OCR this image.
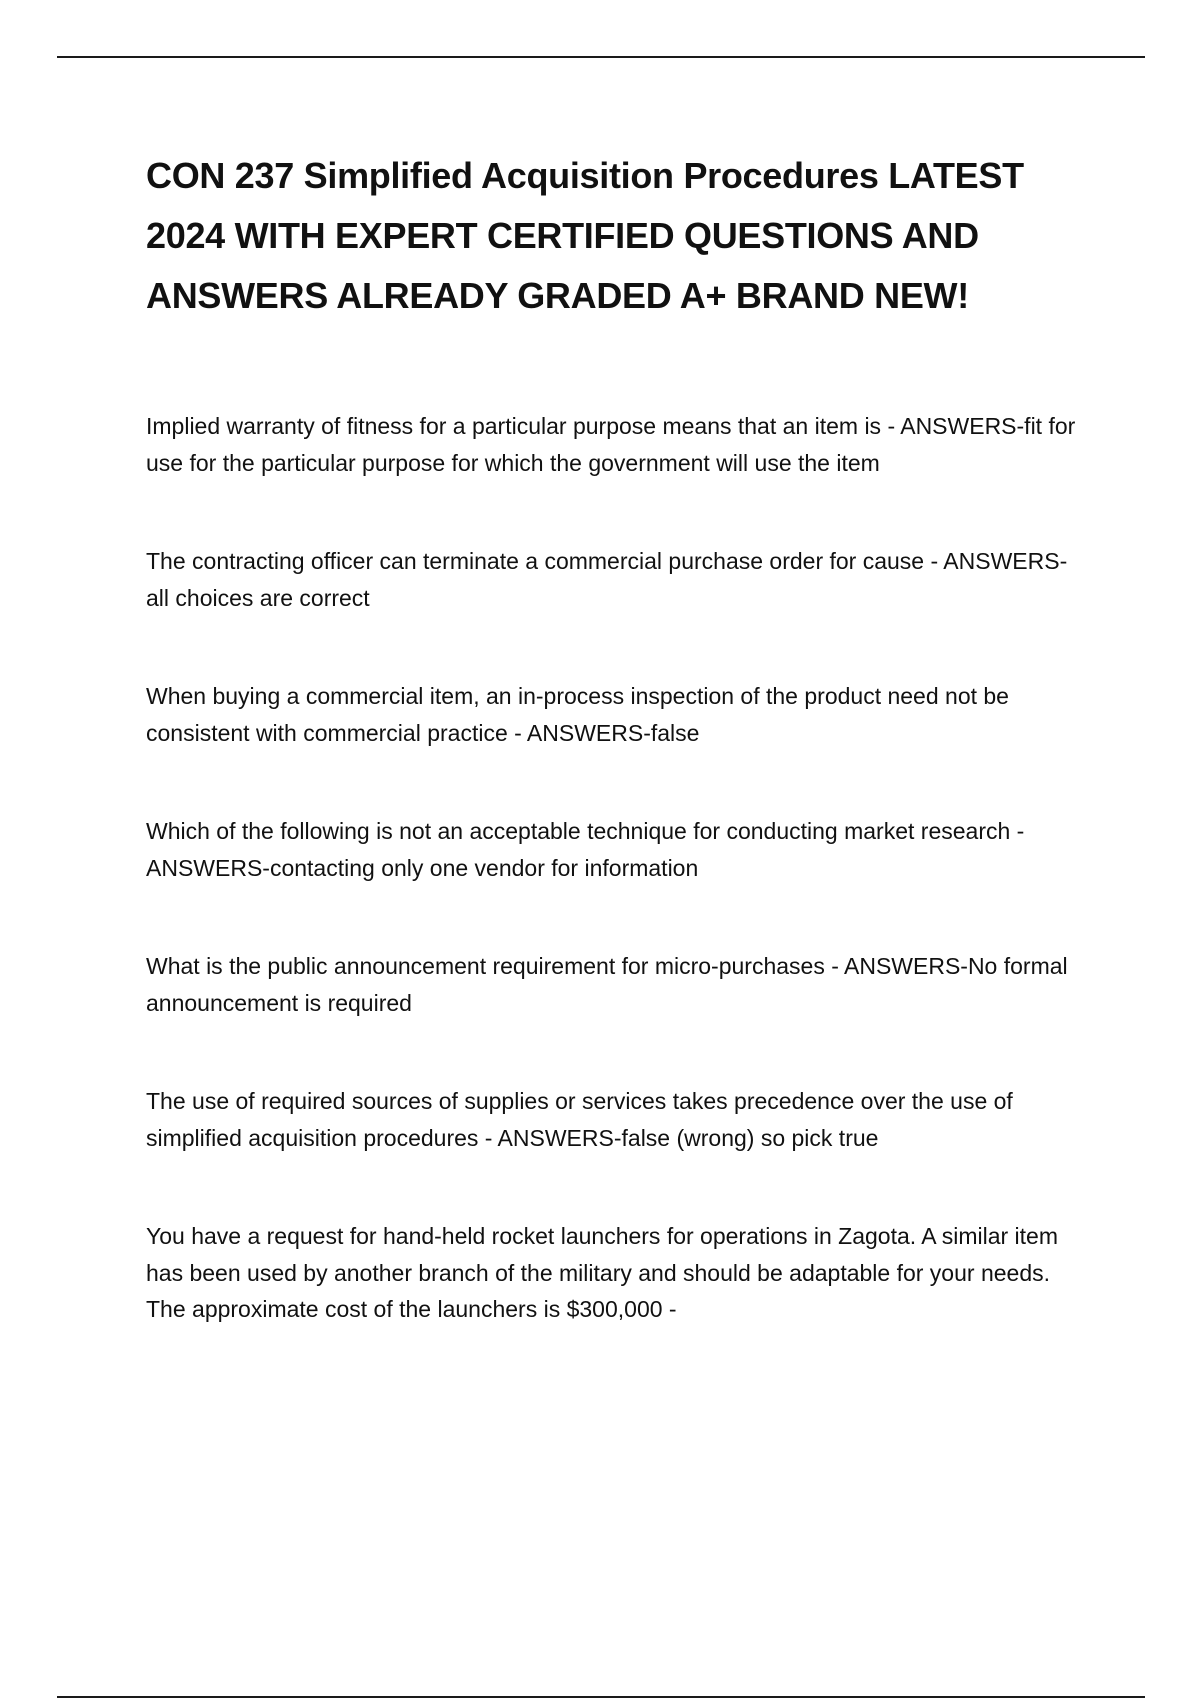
CON 237 Simplified Acquisition Procedures LATEST 2024 WITH EXPERT CERTIFIED QUESTIONS AND ANSWERS ALREADY GRADED A+ BRAND NEW!

Implied warranty of fitness for a particular purpose means that an item is - ANSWERS-fit for use for the particular purpose for which the government will use the item

The contracting officer can terminate a commercial purchase order for cause - ANSWERS-all choices are correct

When buying a commercial item, an in-process inspection of the product need not be consistent with commercial practice - ANSWERS-false

Which of the following is not an acceptable technique for conducting market research - ANSWERS-contacting only one vendor for information

What is the public announcement requirement for micro-purchases - ANSWERS-No formal announcement is required

The use of required sources of supplies or services takes precedence over the use of simplified acquisition procedures - ANSWERS-false (wrong) so pick true

You have a request for hand-held rocket launchers for operations in Zagota. A similar item has been used by another branch of the military and should be adaptable for your needs. The approximate cost of the launchers is $300,000 -
